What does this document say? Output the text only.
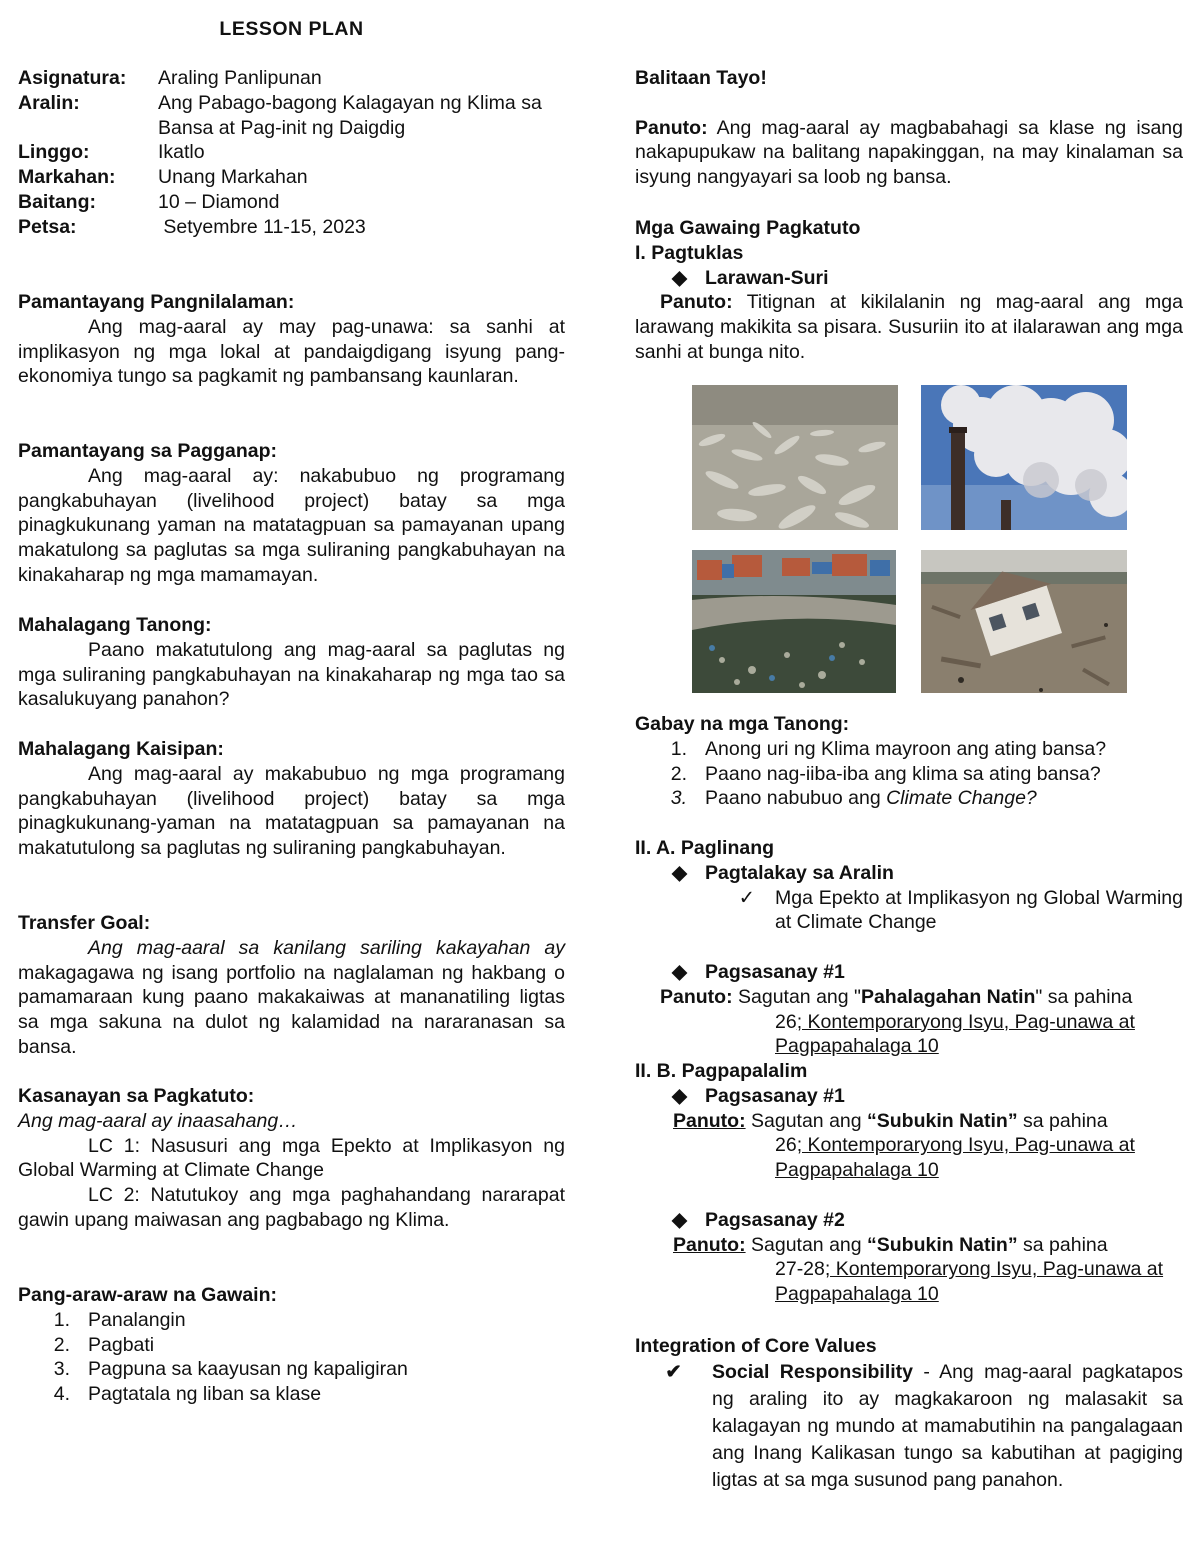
LESSON PLAN

Asignatura:	Araling Panlipunan
Aralin:	Ang Pabago-bagong Kalagayan ng Klima sa Bansa at Pag-init ng Daigdig
Linggo:	Ikatlo
Markahan:	Unang Markahan
Baitang:	10 – Diamond
Petsa:	Setyembre 11-15, 2023

Pamantayang Pangnilalaman:

Ang mag-aaral ay may pag-unawa: sa sanhi at implikasyon ng mga lokal at pandaigdigang isyung pang-ekonomiya tungo sa pagkamit ng pambansang kaunlaran.

Pamantayang sa Pagganap:

Ang mag-aaral ay: nakabubuo ng programang pangkabuhayan (livelihood project) batay sa mga pinagkukunang yaman na matatagpuan sa pamayanan upang makatulong sa paglutas sa mga suliraning pangkabuhayan na kinakaharap ng mga mamamayan.

Mahalagang Tanong:

Paano makatutulong ang mag-aaral sa paglutas ng mga suliraning pangkabuhayan na kinakaharap ng mga tao sa kasalukuyang panahon?

Mahalagang Kaisipan:

Ang mag-aaral ay makabubuo ng mga programang pangkabuhayan (livelihood project) batay sa mga pinagkukunang-yaman na matatagpuan sa pamayanan na makatutulong sa paglutas ng suliraning pangkabuhayan.

Transfer Goal:

Ang mag-aaral sa kanilang sariling kakayahan ay makagagawa ng isang portfolio na naglalaman ng hakbang o pamamaraan kung paano makakaiwas at mananatiling ligtas sa mga sakuna na dulot ng kalamidad na nararanasan sa bansa.

Kasanayan sa Pagkatuto:

Ang mag-aaral ay inaasahang…

LC 1: Nasusuri ang mga Epekto at Implikasyon ng Global Warming at Climate Change

LC 2: Natutukoy ang mga paghahandang nararapat gawin upang maiwasan ang pagbabago ng Klima.

Pang-araw-araw na Gawain:

1. Panalangin
2. Pagbati
3. Pagpuna sa kaayusan ng kapaligiran
4. Pagtatala ng liban sa klase

Balitaan Tayo!

Panuto: Ang mag-aaral ay magbabahagi sa klase ng isang nakapupukaw na balitang napakinggan, na may kinalaman sa isyung nangyayari sa loob ng bansa.

Mga Gawaing Pagkatuto

I. Pagtuklas

◆ Larawan-Suri

Panuto: Titignan at kikilalanin ng mag-aaral ang mga larawang makikita sa pisara. Susuriin ito at ilalarawan ang mga sanhi at bunga nito.

Gabay na mga Tanong:

1. Anong uri ng Klima mayroon ang ating bansa?
2. Paano nag-iiba-iba ang klima sa ating bansa?
3. Paano nabubuo ang Climate Change?

II. A. Paglinang

◆ Pagtalakay sa Aralin

✓	Mga Epekto at Implikasyon ng Global Warming at Climate Change

◆ Pagsasanay #1

Panuto: Sagutan ang "Pahalagahan Natin" sa pahina
26; Kontemporaryong Isyu, Pag-unawa at Pagpapahalaga 10

II. B. Pagpapalalim

◆ Pagsasanay #1

Panuto: Sagutan ang “Subukin Natin” sa pahina
26; Kontemporaryong Isyu, Pag-unawa at Pagpapahalaga 10

◆ Pagsasanay #2

Panuto: Sagutan ang “Subukin Natin” sa pahina
27-28; Kontemporaryong Isyu, Pag-unawa at Pagpapahalaga 10

Integration of Core Values

✔	Social Responsibility - Ang mag-aaral pagkatapos ng araling ito ay magkakaroon ng malasakit sa kalagayan ng mundo at mamabutihin na pangalagaan ang Inang Kalikasan tungo sa kabutihan at pagiging ligtas at sa mga susunod pang panahon.
